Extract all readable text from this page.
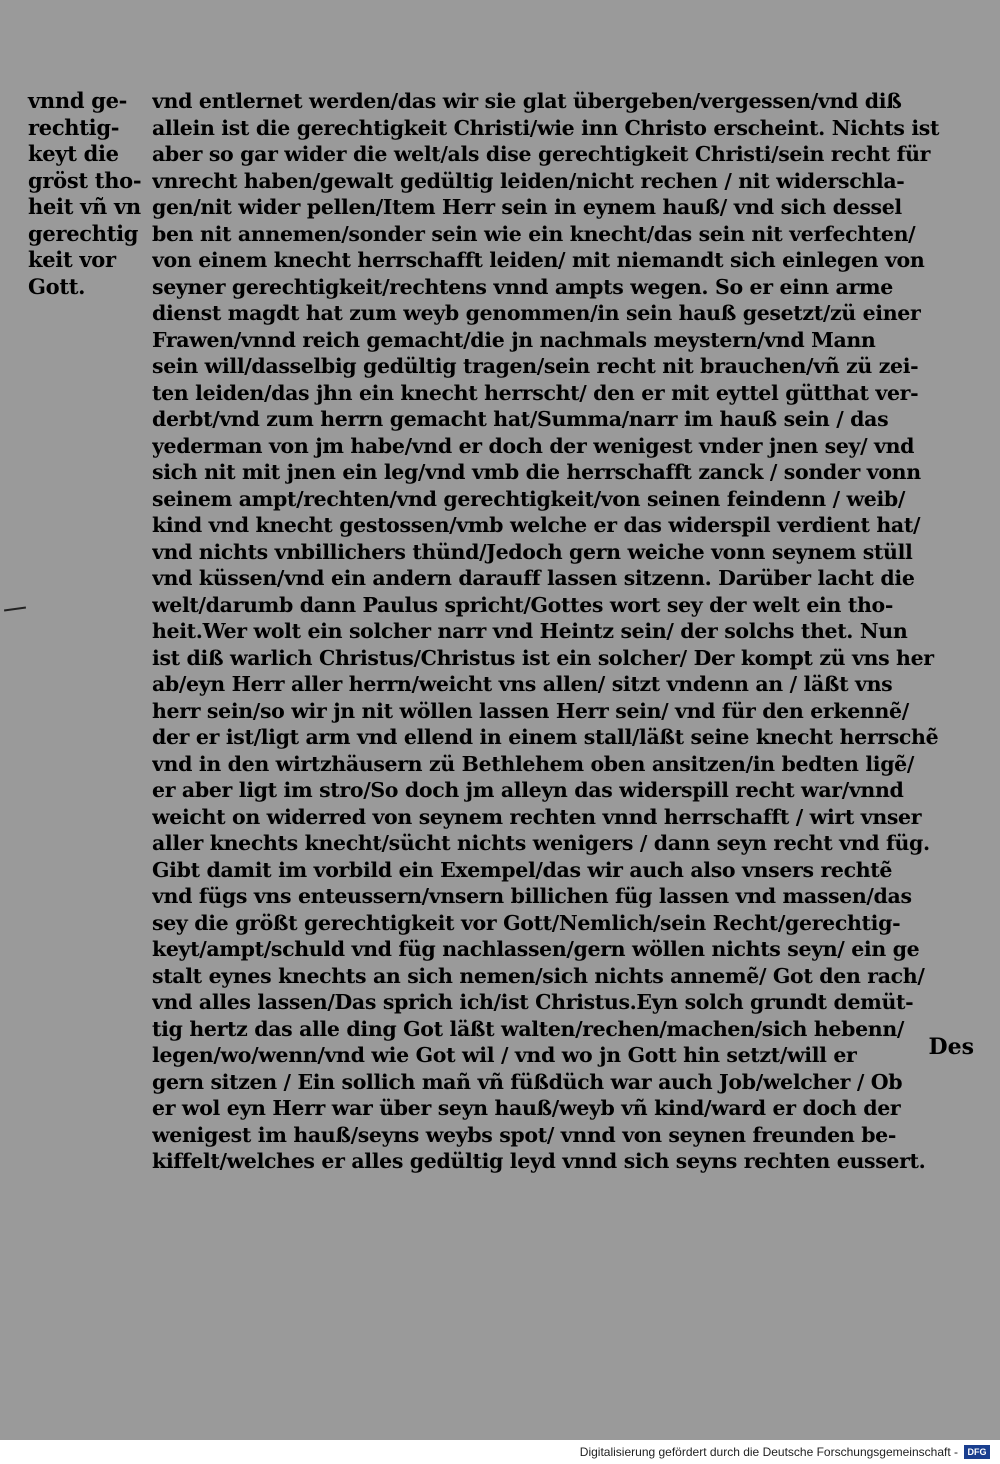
vnnd ge-
rechtig-
keyt die
gröst tho-
heit vñ vn
gerechtig
keit vor
Gott.
vnd entlernet werden/das wir sie glat übergeben/vergessen/vnd diß
allein ist die gerechtigkeit Christi/wie inn Christo erscheint. Nichts ist
aber so gar wider die welt/als dise gerechtigkeit Christi/sein recht für
vnrecht haben/gewalt gedültig leiden/nicht rechen / nit widerschla-
gen/nit wider pellen/Item Herr sein in eynem hauß/ vnd sich dessel
ben nit annemen/sonder sein wie ein knecht/das sein nit verfechten/
von einem knecht herrschafft leiden/ mit niemandt sich einlegen von
seyner gerechtigkeit/rechtens vnnd ampts wegen. So er einn arme
dienst magdt hat zum weyb genommen/in sein hauß gesetzt/zü einer
Frawen/vnnd reich gemacht/die jn nachmals meystern/vnd Mann
sein will/dasselbig gedültig tragen/sein recht nit brauchen/vñ zü zei-
ten leiden/das jhn ein knecht herrscht/ den er mit eyttel gütthat ver-
derbt/vnd zum herrn gemacht hat/Summa/narr im hauß sein / das
yederman von jm habe/vnd er doch der wenigest vnder jnen sey/ vnd
sich nit mit jnen ein leg/vnd vmb die herrschafft zanck / sonder vonn
seinem ampt/rechten/vnd gerechtigkeit/von seinen feindenn / weib/
kind vnd knecht gestossen/vmb welche er das widerspil verdient hat/
vnd nichts vnbillichers thünd/Jedoch gern weiche vonn seynem stüll
vnd küssen/vnd ein andern darauff lassen sitzenn. Darüber lacht die
welt/darumb dann Paulus spricht/Gottes wort sey der welt ein tho-
heit.Wer wolt ein solcher narr vnd Heintz sein/ der solchs thet. Nun
ist diß warlich Christus/Christus ist ein solcher/ Der kompt zü vns her
ab/eyn Herr aller herrn/weicht vns allen/ sitzt vndenn an / läßt vns
herr sein/so wir jn nit wöllen lassen Herr sein/ vnd für den erkennẽ/
der er ist/ligt arm vnd ellend in einem stall/läßt seine knecht herrschẽ
vnd in den wirtzhäusern zü Bethlehem oben ansitzen/in bedten ligẽ/
er aber ligt im stro/So doch jm alleyn das widerspill recht war/vnnd
weicht on widerred von seynem rechten vnnd herrschafft / wirt vnser
aller knechts knecht/sücht nichts wenigers / dann seyn recht vnd füg.
Gibt damit im vorbild ein Exempel/das wir auch also vnsers rechtẽ
vnd fügs vns enteussern/vnsern billichen füg lassen vnd massen/das
sey die größt gerechtigkeit vor Gott/Nemlich/sein Recht/gerechtig-
keyt/ampt/schuld vnd füg nachlassen/gern wöllen nichts seyn/ ein ge
stalt eynes knechts an sich nemen/sich nichts annemẽ/ Got den rach/
vnd alles lassen/Das sprich ich/ist Christus.Eyn solch grundt demüt-
tig hertz das alle ding Got läßt walten/rechen/machen/sich hebenn/
legen/wo/wenn/vnd wie Got wil / vnd wo jn Gott hin setzt/will er
gern sitzen / Ein sollich mañ vñ füßdüch war auch Job/welcher / Ob
er wol eyn Herr war über seyn hauß/weyb vñ kind/ward er doch der
wenigest im hauß/seyns weybs spot/ vnnd von seynen freunden be-
kiffelt/welches er alles gedültig leyd vnnd sich seyns rechten eussert.
Des
Digitalisierung gefördert durch die Deutsche Forschungsgemeinschaft -	DFG
